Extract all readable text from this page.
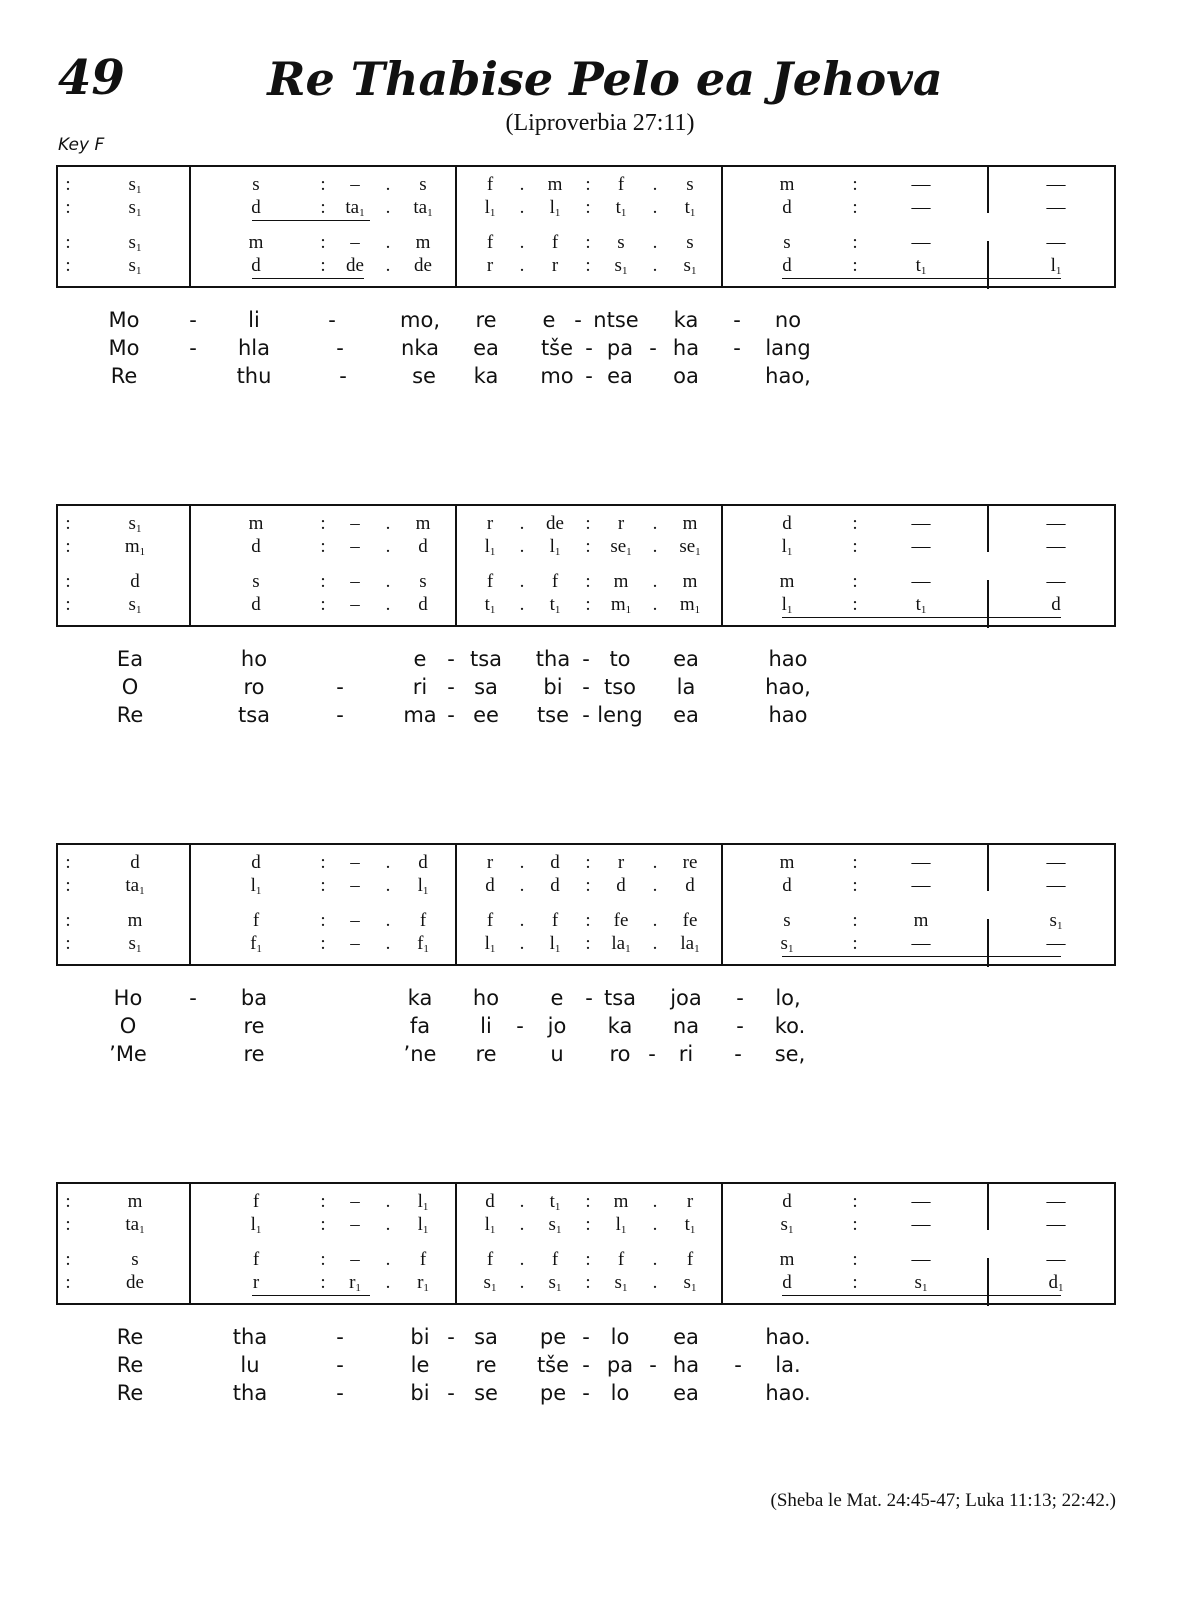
49	Re Thabise Pelo ea Jehova
(Liproverbia 27:11)
Key F
:	$s_1$	s	: – . s	f . m : f . s	m	:	—	—
:	$s_1$	d	: $ta_1$ . $ta_1$	$l_1$ . $l_1$ : $t_1$ . $t_1$	d	:	—	—
:	$s_1$	m	: – . m	f . f : s . s	s	:	—	—
:	$s_1$	d	: de . de	r . r : $s_1$ . $s_1$	d	:	$t_1$	$l_1$
Mo - li	-	mo, re e - ntse ka - no
Mo - hla	-	nka ea tše - pa - ha - lang
Re	thu	-	se ka mo - ea oa	hao,
:	$s_1$	m	: – . m	r . de : r . m	d	:	—	—
:	$m_1$	d	: – . d	$l_1$ . $l_1$ : $se_1$ . $se_1$	$l_1$	:	—	—
:	d	s	: – . s	f . f : m . m	m	:	—	—
:	$s_1$	d	: – . d	$t_1$ . $t_1$ : $m_1$ . $m_1$	$l_1$	:	$t_1$	d
Ea	ho	e - tsa tha - to ea	hao
O	ro	-	ri - sa bi - tso la	hao,
Re	tsa	-	ma - ee tse - leng ea	hao
:	d	d	: – . d	r . d : r . re	m	:	—	—
:	$ta_1$	$l_1$	: – . $l_1$	d . d : d . d	d	:	—	—
:	m	f	: – . f	f . f : fe . fe	s	:	m	$s_1$
:	$s_1$	$f_1$	: – . $f_1$	$l_1$ . $l_1$ : $la_1$ . $la_1$	$s_1$	:	—	—
Ho - ba	ka ho e - tsa joa - lo,
O	re	fa li - jo ka na - ko.
’Me	re	’ne re	u ro - ri - se,
:	m	f	: – . $l_1$	d . $t_1$ : m . r	d	:	—	—
:	$ta_1$	$l_1$	: – . $l_1$	$l_1$ . $s_1$ : $l_1$ . $t_1$	$s_1$	:	—	—
:	s	f	: – . f	f . f : f . f	m	:	—	—
:	de	r	: $r_1$ . $r_1$	$s_1$ . $s_1$ : $s_1$ . $s_1$	d	:	$s_1$	$d_1$
Re	tha	-	bi - sa pe - lo ea	hao.
Re	lu	-	le re tše - pa - ha - la.
Re	tha	-	bi - se pe - lo ea	hao.
(Sheba le Mat. 24:45-47; Luka 11:13; 22:42.)
